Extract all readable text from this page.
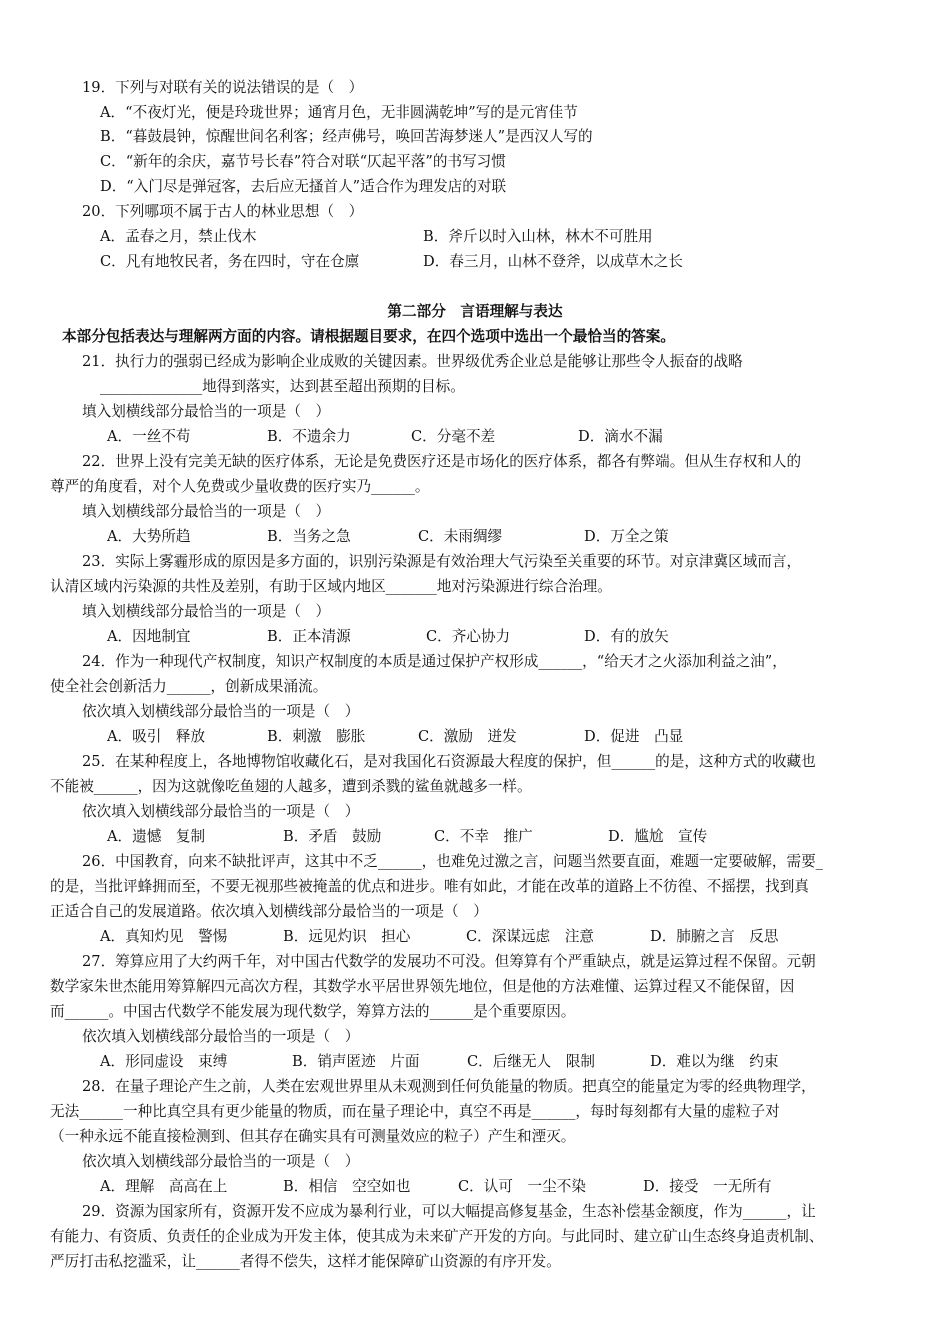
19．下列与对联有关的说法错误的是（　）
A．“不夜灯光，便是玲珑世界；通宵月色，无非圆满乾坤”写的是元宵佳节
B．“暮鼓晨钟，惊醒世间名利客；经声佛号，唤回苦海梦迷人”是西汉人写的
C．“新年的余庆，嘉节号长春”符合对联“仄起平落”的书写习惯
D．“入门尽是弹冠客，去后应无搔首人”适合作为理发店的对联
20．下列哪项不属于古人的林业思想（　）
A．孟春之月，禁止伐木	B．斧斤以时入山林，林木不可胜用
C．凡有地牧民者，务在四时，守在仓廪	D．春三月，山林不登斧，以成草木之长
第二部分　言语理解与表达
本部分包括表达与理解两方面的内容。请根据题目要求，在四个选项中选出一个最恰当的答案。
21．执行力的强弱已经成为影响企业成败的关键因素。世界级优秀企业总是能够让那些令人振奋的战略
______________地得到落实，达到甚至超出预期的目标。
填入划横线部分最恰当的一项是（　）
A．一丝不苟	B．不遗余力	C．分毫不差	D．滴水不漏
22．世界上没有完美无缺的医疗体系，无论是免费医疗还是市场化的医疗体系，都各有弊端。但从生存权和人的
尊严的角度看，对个人免费或少量收费的医疗实乃______。
填入划横线部分最恰当的一项是（　）
A．大势所趋	B．当务之急	C．未雨绸缪	D．万全之策
23．实际上雾霾形成的原因是多方面的，识别污染源是有效治理大气污染至关重要的环节。对京津冀区域而言，
认清区域内污染源的共性及差别，有助于区域内地区_______地对污染源进行综合治理。
填入划横线部分最恰当的一项是（　）
A．因地制宜	B．正本清源	C．齐心协力	D．有的放矢
24．作为一种现代产权制度，知识产权制度的本质是通过保护产权形成______，“给天才之火添加利益之油”，
使全社会创新活力______，创新成果涌流。
依次填入划横线部分最恰当的一项是（　）
A．吸引　释放	B．刺激　膨胀	C．激励　迸发	D．促进　凸显
25．在某种程度上，各地博物馆收藏化石，是对我国化石资源最大程度的保护，但______的是，这种方式的收藏也
不能被______，因为这就像吃鱼翅的人越多，遭到杀戮的鲨鱼就越多一样。
依次填入划横线部分最恰当的一项是（　）
A．遗憾　复制	B．矛盾　鼓励	C．不幸　推广	D．尴尬　宣传
26．中国教育，向来不缺批评声，这其中不乏______，也难免过激之言，问题当然要直面，难题一定要破解，需要_
的是，当批评蜂拥而至，不要无视那些被掩盖的优点和进步。唯有如此，才能在改革的道路上不彷徨、不摇摆，找到真
正适合自己的发展道路。依次填入划横线部分最恰当的一项是（　）
A．真知灼见　警惕	B．远见灼识　担心	C．深谋远虑　注意	D．肺腑之言　反思
27．筹算应用了大约两千年，对中国古代数学的发展功不可没。但筹算有个严重缺点，就是运算过程不保留。元朝
数学家朱世杰能用筹算解四元高次方程，其数学水平居世界领先地位，但是他的方法难懂、运算过程又不能保留，因
而______。中国古代数学不能发展为现代数学，筹算方法的______是个重要原因。
依次填入划横线部分最恰当的一项是（　）
A．形同虚设　束缚	B．销声匿迹　片面	C．后继无人　限制	D．难以为继　约束
28．在量子理论产生之前，人类在宏观世界里从未观测到任何负能量的物质。把真空的能量定为零的经典物理学，
无法______一种比真空具有更少能量的物质，而在量子理论中，真空不再是______，每时每刻都有大量的虚粒子对
（一种永远不能直接检测到、但其存在确实具有可测量效应的粒子）产生和湮灭。
依次填入划横线部分最恰当的一项是（　）
A．理解　高高在上	B．相信　空空如也	C．认可　一尘不染	D．接受　一无所有
29．资源为国家所有，资源开发不应成为暴利行业，可以大幅提高修复基金，生态补偿基金额度，作为______，让
有能力、有资质、负责任的企业成为开发主体，使其成为未来矿产开发的方向。与此同时、建立矿山生态终身追责机制、
严厉打击私挖滥采，让______者得不偿失，这样才能保障矿山资源的有序开发。
